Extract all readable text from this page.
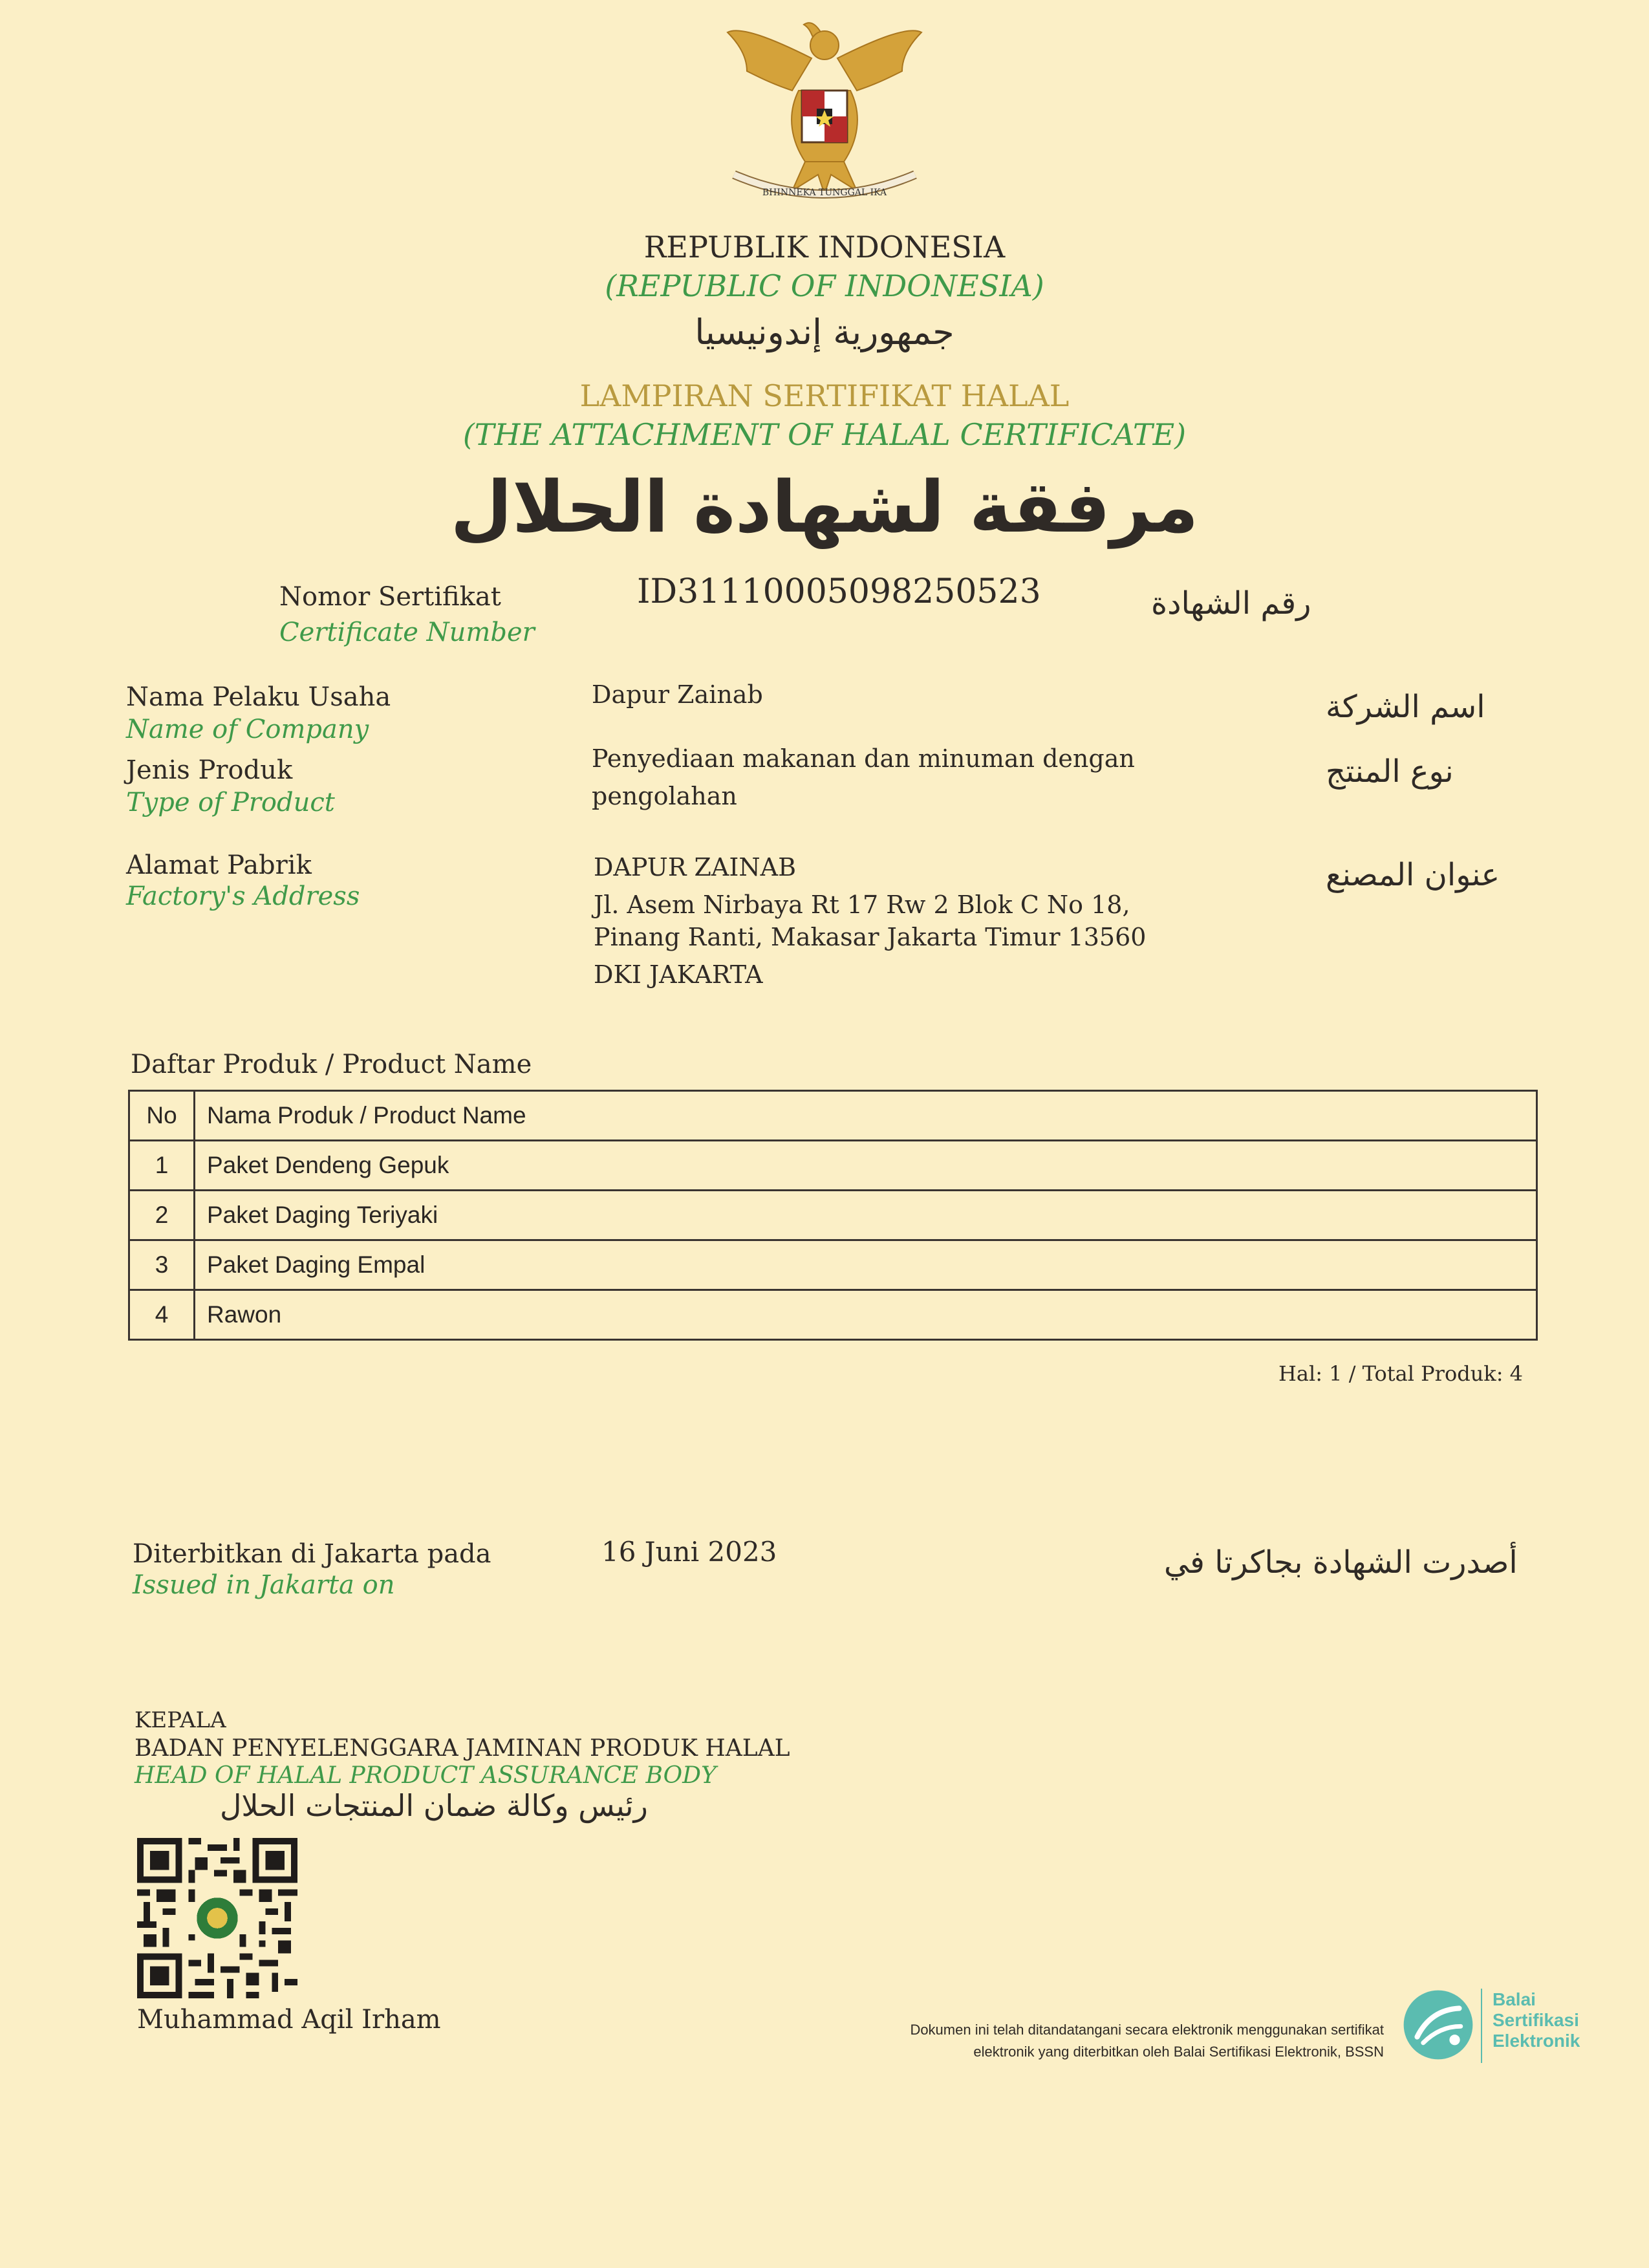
BHINNEKA TUNGGAL IKA
REPUBLIK INDONESIA
(REPUBLIC OF INDONESIA)
جمهورية إندونيسيا
LAMPIRAN SERTIFIKAT HALAL
(THE ATTACHMENT OF HALAL CERTIFICATE)
مرفقة لشهادة الحلال
Nomor Sertifikat
Certificate Number
ID31110005098250523	رقم الشهادة
Nama Pelaku Usaha
Name of Company
Dapur Zainab	اسم الشركة
Jenis Produk
Type of Product
Penyediaan makanan dan minuman dengan
pengolahan
نوع المنتج
Alamat Pabrik
Factory's Address
DAPUR ZAINAB
Jl. Asem Nirbaya Rt 17 Rw 2 Blok C No 18,
Pinang Ranti, Makasar Jakarta Timur 13560
DKI JAKARTA
عنوان المصنع
Daftar Produk / Product Name
No	Nama Produk / Product Name
1	Paket Dendeng Gepuk
2	Paket Daging Teriyaki
3	Paket Daging Empal
4	Rawon
Hal: 1 / Total Produk: 4
Diterbitkan di Jakarta pada
Issued in Jakarta on
16 Juni 2023	أصدرت الشهادة بجاكرتا في
KEPALA
BADAN PENYELENGGARA JAMINAN PRODUK HALAL
HEAD OF HALAL PRODUCT ASSURANCE BODY
رئيس وكالة ضمان المنتجات الحلال
Muhammad Aqil Irham	Dokumen ini telah ditandatangani secara elektronik menggunakan sertifikat
elektronik yang diterbitkan oleh Balai Sertifikasi Elektronik, BSSN
Balai
Sertifikasi
Elektronik
